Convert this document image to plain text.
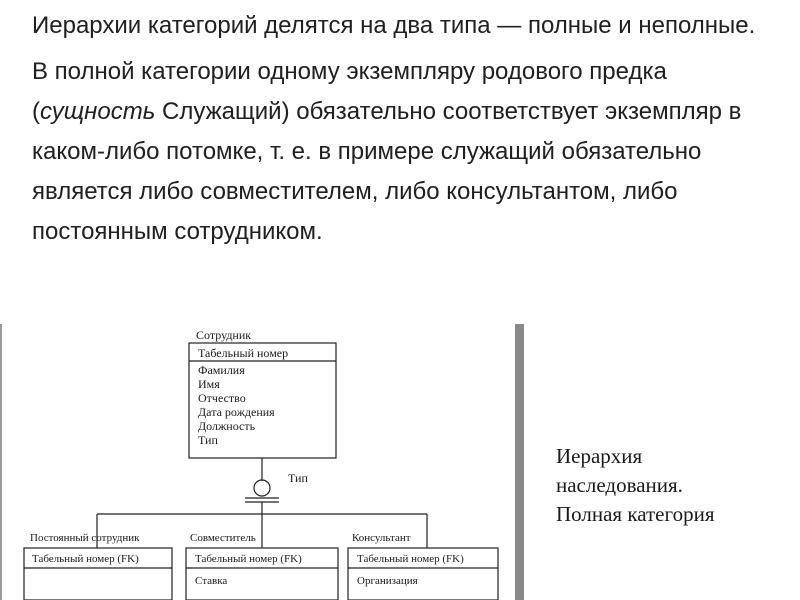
Иерархии категорий делятся на два типа — полные и неполные.

В полной категории одному экземпляру родового предка (сущность Служащий) обязательно соответствует экземпляр в каком-либо потомке, т. е. в примере служащий обязательно является либо совместителем, либо консультантом, либо постоянным сотрудником.

Сотрудник
Табельный номер
Фамилия
Имя
Отчество
Дата рождения
Должность
Тип
Тип
Постоянный сотрудник
Табельный номер (FK)
Совместитель
Табельный номер (FK)
Ставка
Консультант
Табельный номер (FK)
Организация
Иерархия
наследования.
Полная категория
